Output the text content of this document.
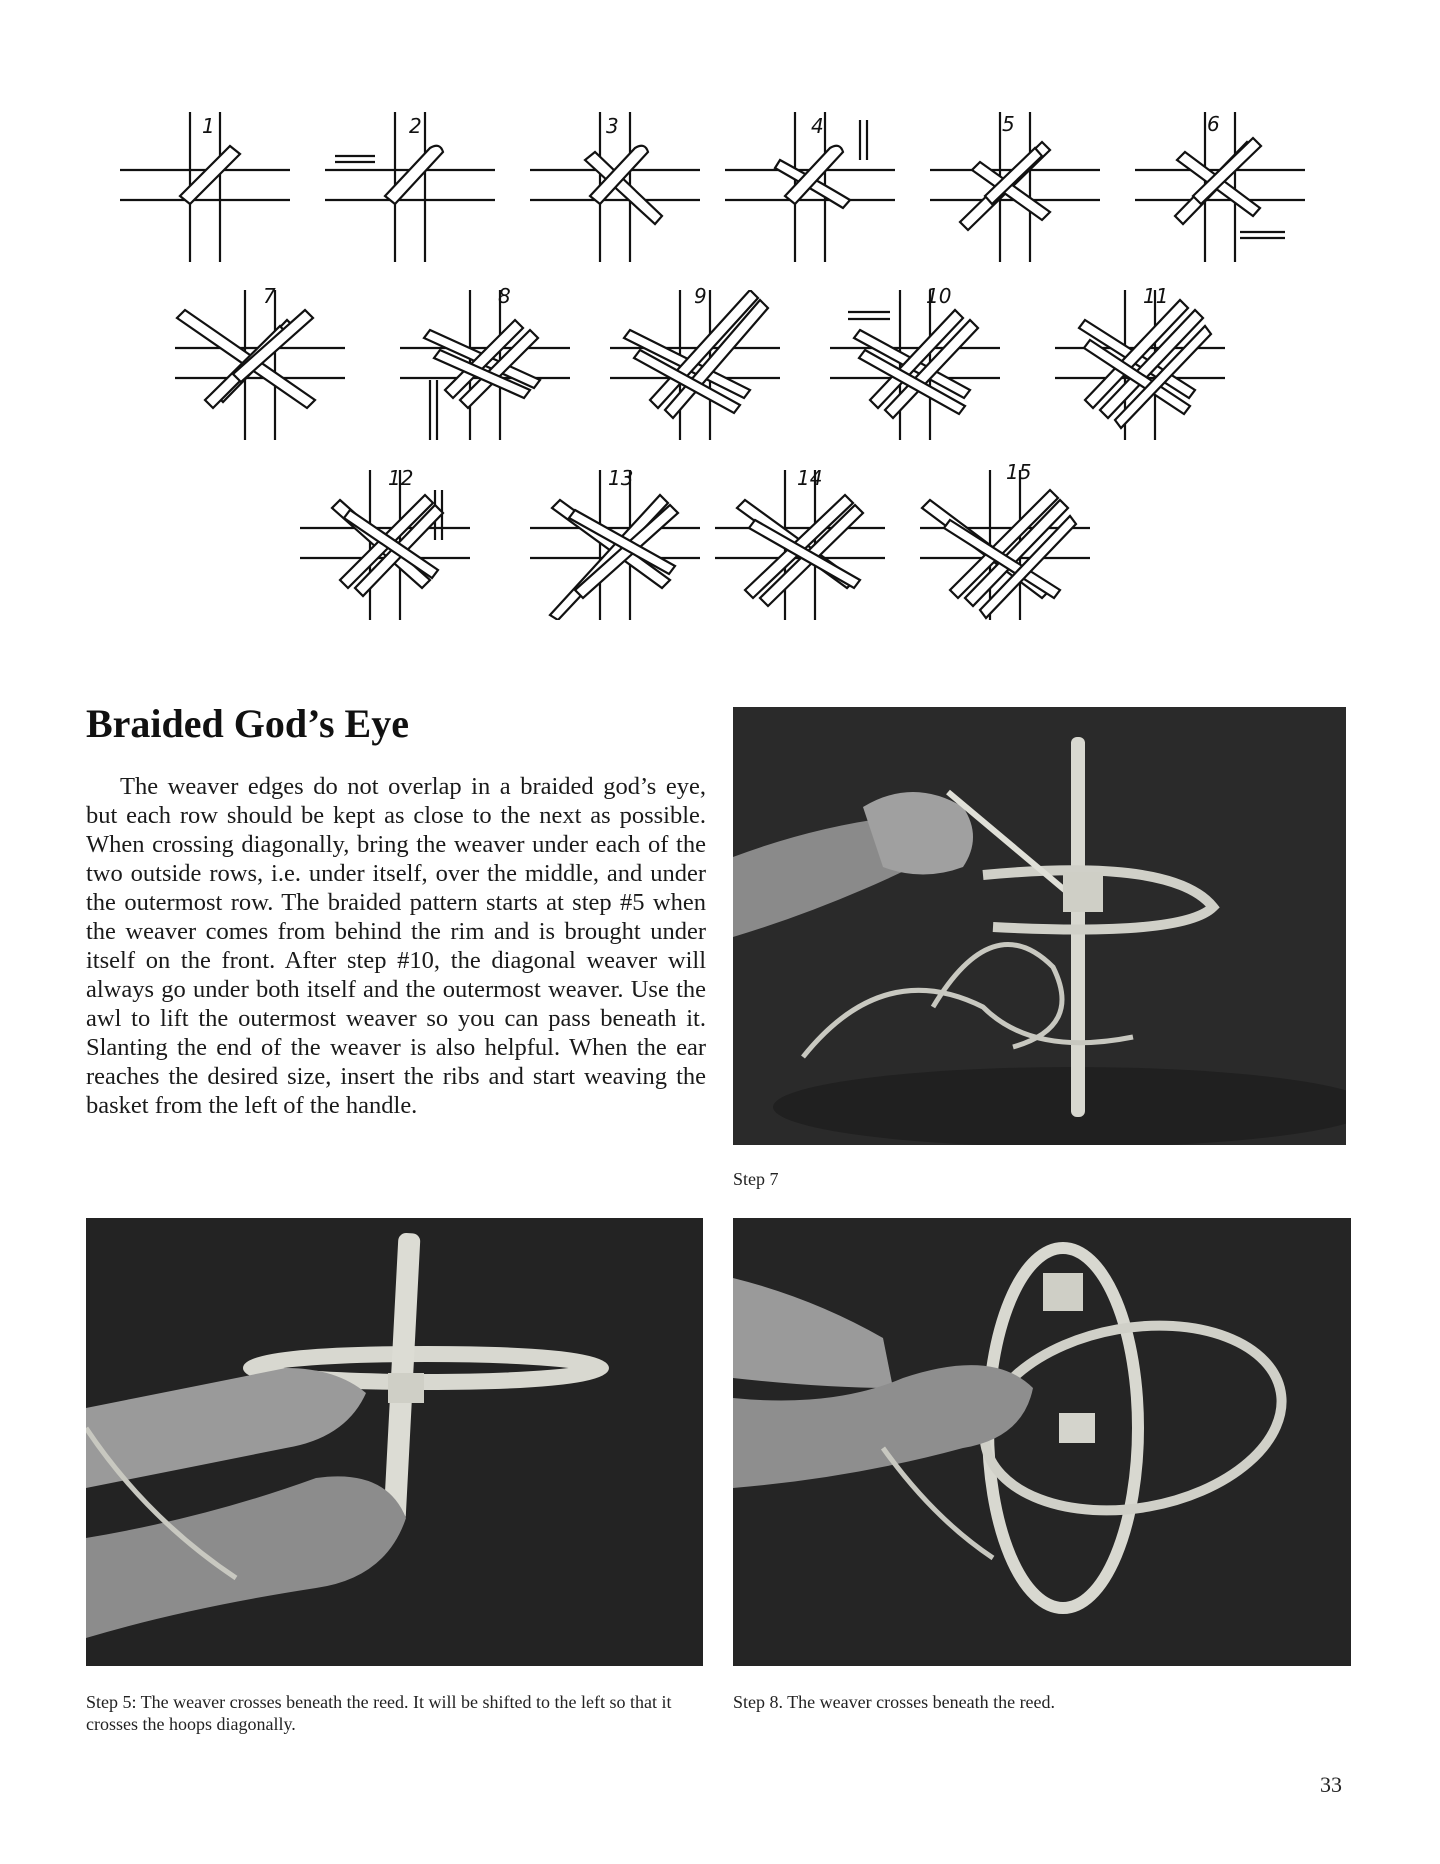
1	2	3	4	5	6
7	8	9	10	11
12	13	14	15
Braided God’s Eye

The weaver edges do not overlap in a braided god’s eye, but each row should be kept as close to the next as possible. When crossing diagonally, bring the weaver under each of the two outside rows, i.e. under itself, over the middle, and under the outermost row. The braided pattern starts at step #5 when the weaver comes from behind the rim and is brought under itself on the front. After step #10, the diagonal weaver will always go under both itself and the outermost weaver. Use the awl to lift the outermost weaver so you can pass beneath it. Slanting the end of the weaver is also helpful. When the ear reaches the desired size, insert the ribs and start weaving the basket from the left of the handle.

Step 7

Step 5: The weaver crosses beneath the reed. It will be shifted to the left so that it crosses the hoops diagonally.

Step 8. The weaver crosses beneath the reed.

33
